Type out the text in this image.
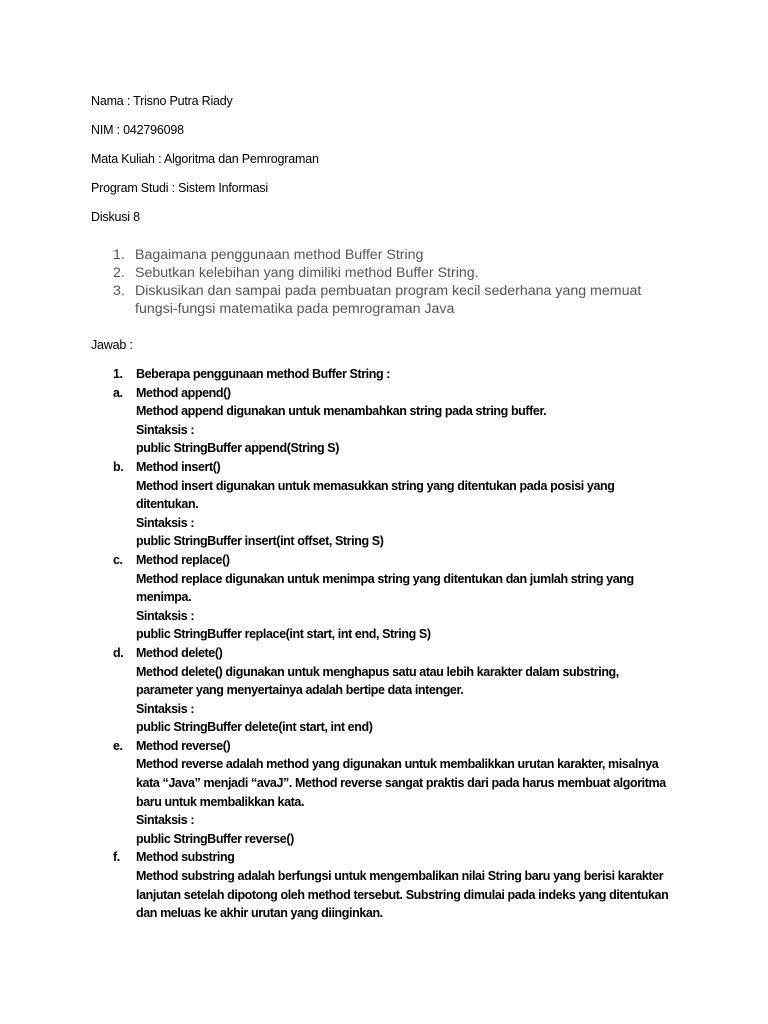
Nama : Trisno Putra Riady
NIM : 042796098
Mata Kuliah : Algoritma dan Pemrograman
Program Studi : Sistem Informasi
Diskusi 8
1. Bagaimana penggunaan method Buffer String
2. Sebutkan kelebihan yang dimiliki method Buffer String.
3. Diskusikan dan sampai pada pembuatan program kecil sederhana yang memuat
fungsi-fungsi matematika pada pemrograman Java
Jawab :
1. Beberapa penggunaan method Buffer String :
a. Method append()
Method append digunakan untuk menambahkan string pada string buffer.
Sintaksis :
public StringBuffer append(String S)
b. Method insert()
Method insert digunakan untuk memasukkan string yang ditentukan pada posisi yang
ditentukan.
Sintaksis :
public StringBuffer insert(int offset, String S)
c. Method replace()
Method replace digunakan untuk menimpa string yang ditentukan dan jumlah string yang
menimpa.
Sintaksis :
public StringBuffer replace(int start, int end, String S)
d. Method delete()
Method delete() digunakan untuk menghapus satu atau lebih karakter dalam substring,
parameter yang menyertainya adalah bertipe data intenger.
Sintaksis :
public StringBuffer delete(int start, int end)
e. Method reverse()
Method reverse adalah method yang digunakan untuk membalikkan urutan karakter, misalnya
kata “Java” menjadi “avaJ”. Method reverse sangat praktis dari pada harus membuat algoritma
baru untuk membalikkan kata.
Sintaksis :
public StringBuffer reverse()
f. Method substring
Method substring adalah berfungsi untuk mengembalikan nilai String baru yang berisi karakter
lanjutan setelah dipotong oleh method tersebut. Substring dimulai pada indeks yang ditentukan
dan meluas ke akhir urutan yang diinginkan.
